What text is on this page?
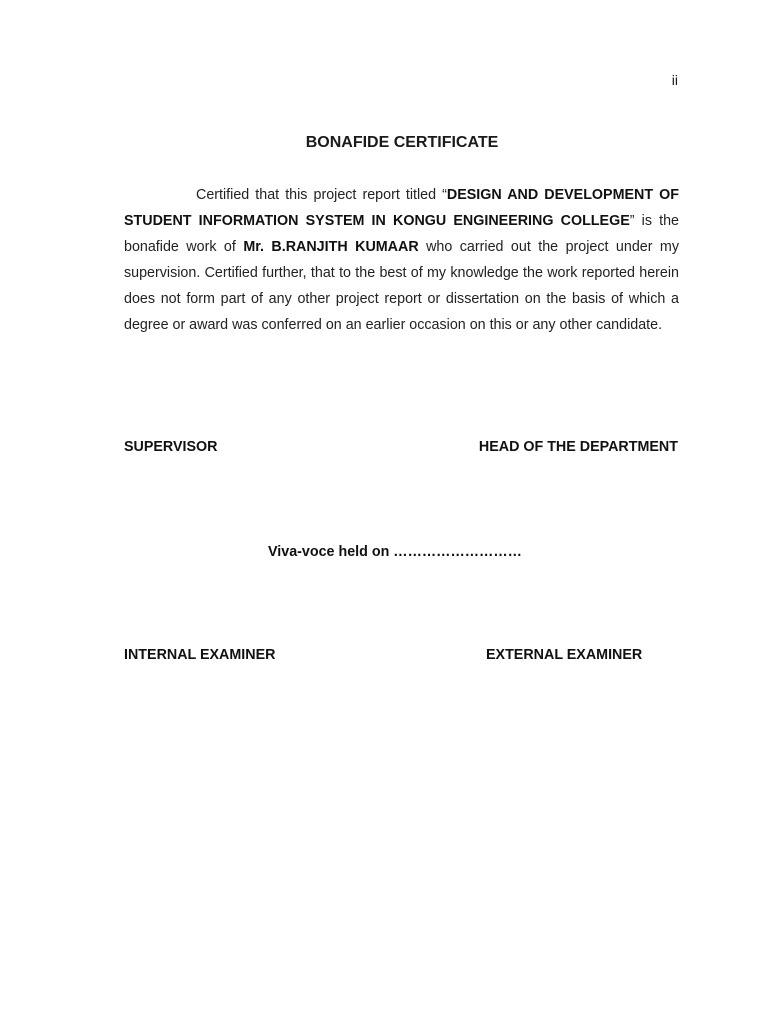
ii
BONAFIDE CERTIFICATE
Certified that this project report titled “DESIGN AND DEVELOPMENT OF STUDENT INFORMATION SYSTEM IN KONGU ENGINEERING COLLEGE” is the bonafide work of Mr. B.RANJITH KUMAAR who carried out the project under my supervision. Certified further, that to the best of my knowledge the work reported herein does not form part of any other project report or dissertation on the basis of which a degree or award was conferred on an earlier occasion on this or any other candidate.
SUPERVISOR	HEAD OF THE DEPARTMENT
Viva-voce held on ………………………
INTERNAL EXAMINER	EXTERNAL EXAMINER
